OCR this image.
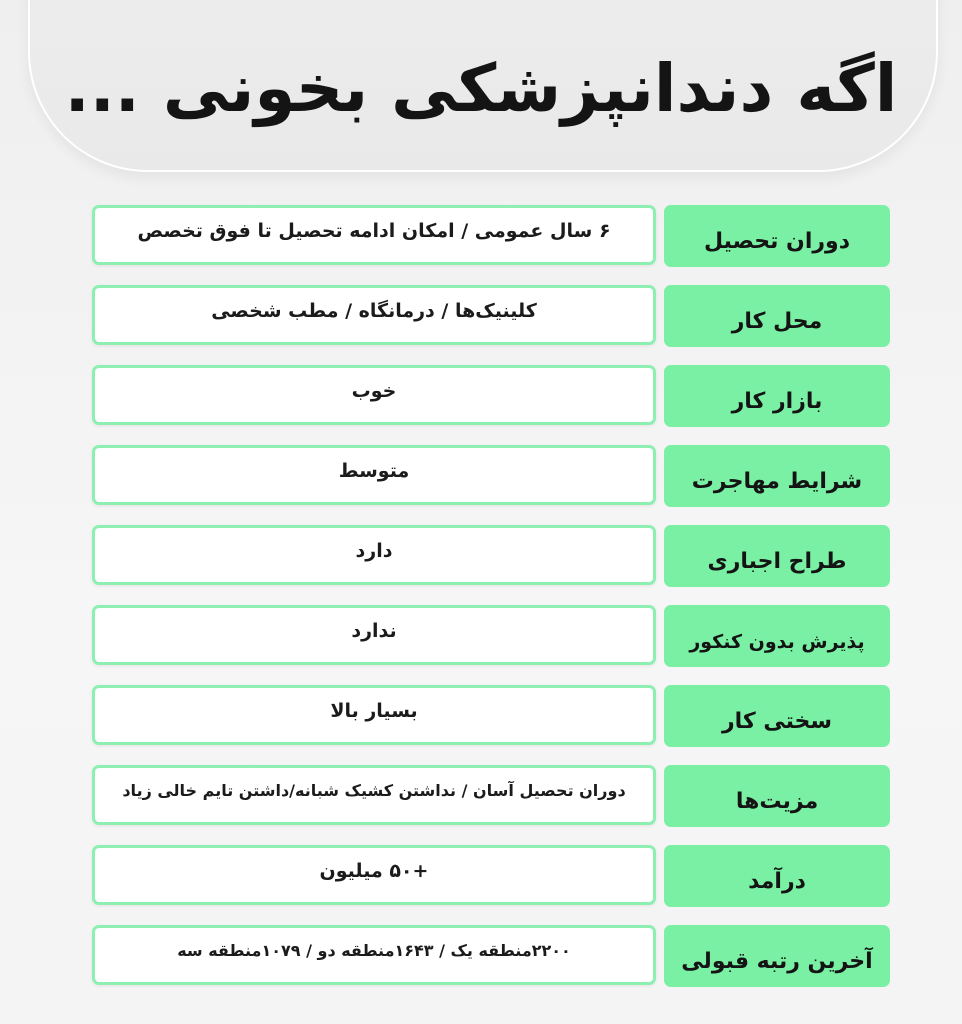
اگه دندانپزشکی بخونی ...
۶ سال عمومی / امکان ادامه تحصیل تا فوق تخصص	دوران تحصیل
کلینیک‌ها / درمانگاه / مطب شخصی	محل کار
خوب	بازار کار
متوسط	شرایط مهاجرت
دارد	طراح اجباری
ندارد	پذیرش بدون کنکور
بسیار بالا	سختی کار
دوران تحصیل آسان / نداشتن کشیک شبانه/داشتن تایم خالی زیاد	مزیت‌ها
+۵۰ میلیون	درآمد
۲۲۰۰منطقه یک / ۱۶۴۳منطقه دو / ۱۰۷۹منطقه سه	آخرین رتبه قبولی
